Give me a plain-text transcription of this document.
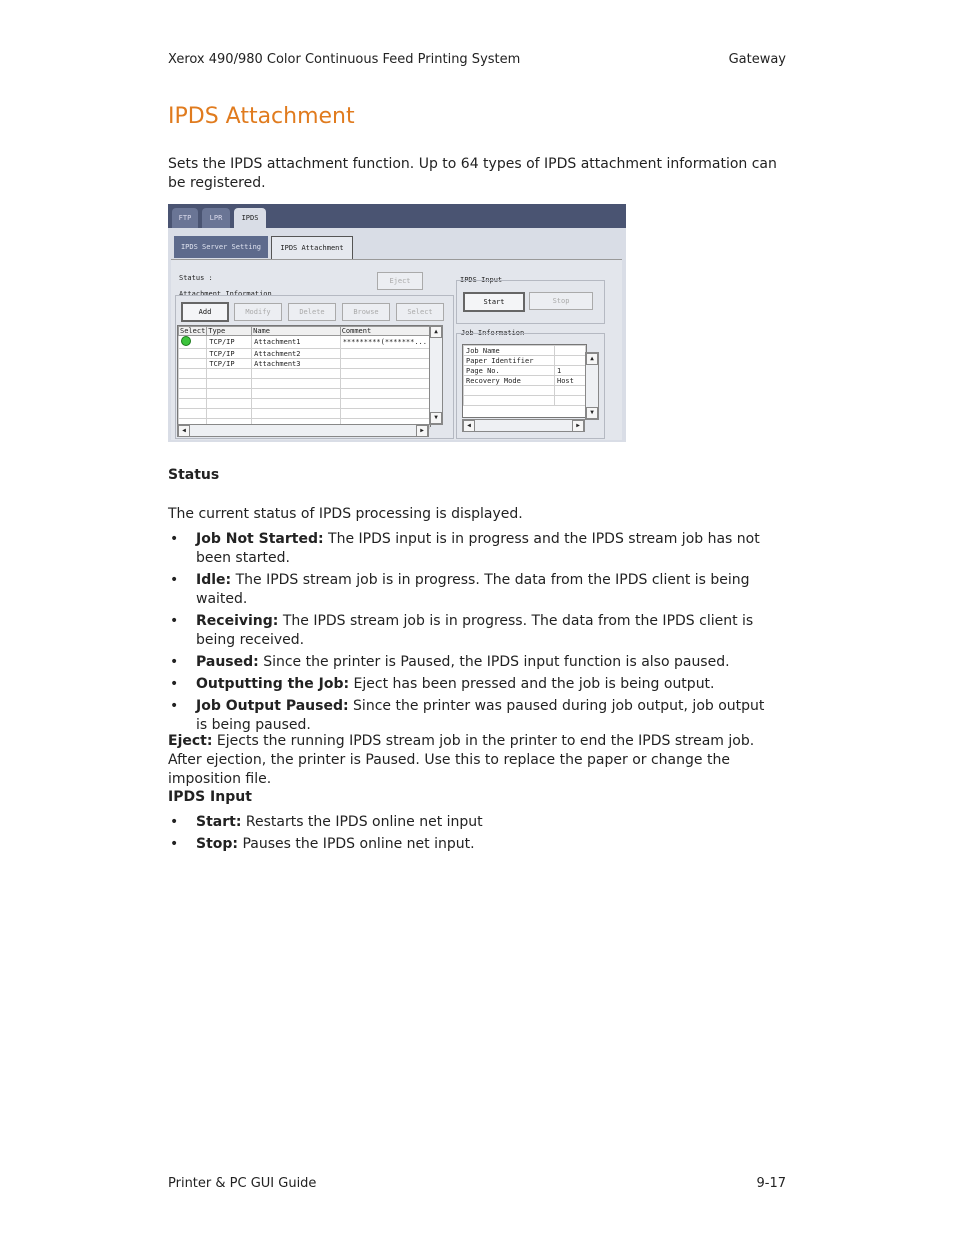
Xerox 490/980 Color Continuous Feed Printing System	Gateway
IPDS Attachment

Sets the IPDS attachment function. Up to 64 types of IPDS attachment information can be registered.

FTP	LPR	IPDS
IPDS Server Setting	IPDS Attachment
Status :	Eject
Attachment Information
Add	Modify	Delete	Browse	Select
Select	Type	Name	Comment
	TCP/IP	Attachment1	*********(*******...
	TCP/IP	Attachment2	
	TCP/IP	Attachment3	

▲
▼
◀	▶
IPDS Input
Start	Stop
Job Information
Job Name	
Paper Identifier	
Page No.	1
Recovery Mode	Host

▲
▼
◀	▶
Status

The current status of IPDS processing is displayed.

• Job Not Started: The IPDS input is in progress and the IPDS stream job has not been started.
• Idle: The IPDS stream job is in progress. The data from the IPDS client is being waited.
• Receiving: The IPDS stream job is in progress. The data from the IPDS client is being received.
• Paused: Since the printer is Paused, the IPDS input function is also paused.
• Outputting the Job: Eject has been pressed and the job is being output.
• Job Output Paused: Since the printer was paused during job output, job output is being paused.

Eject: Ejects the running IPDS stream job in the printer to end the IPDS stream job. After ejection, the printer is Paused. Use this to replace the paper or change the imposition file.

IPDS Input
• Start: Restarts the IPDS online net input
• Stop: Pauses the IPDS online net input.
Printer & PC GUI Guide	9-17
